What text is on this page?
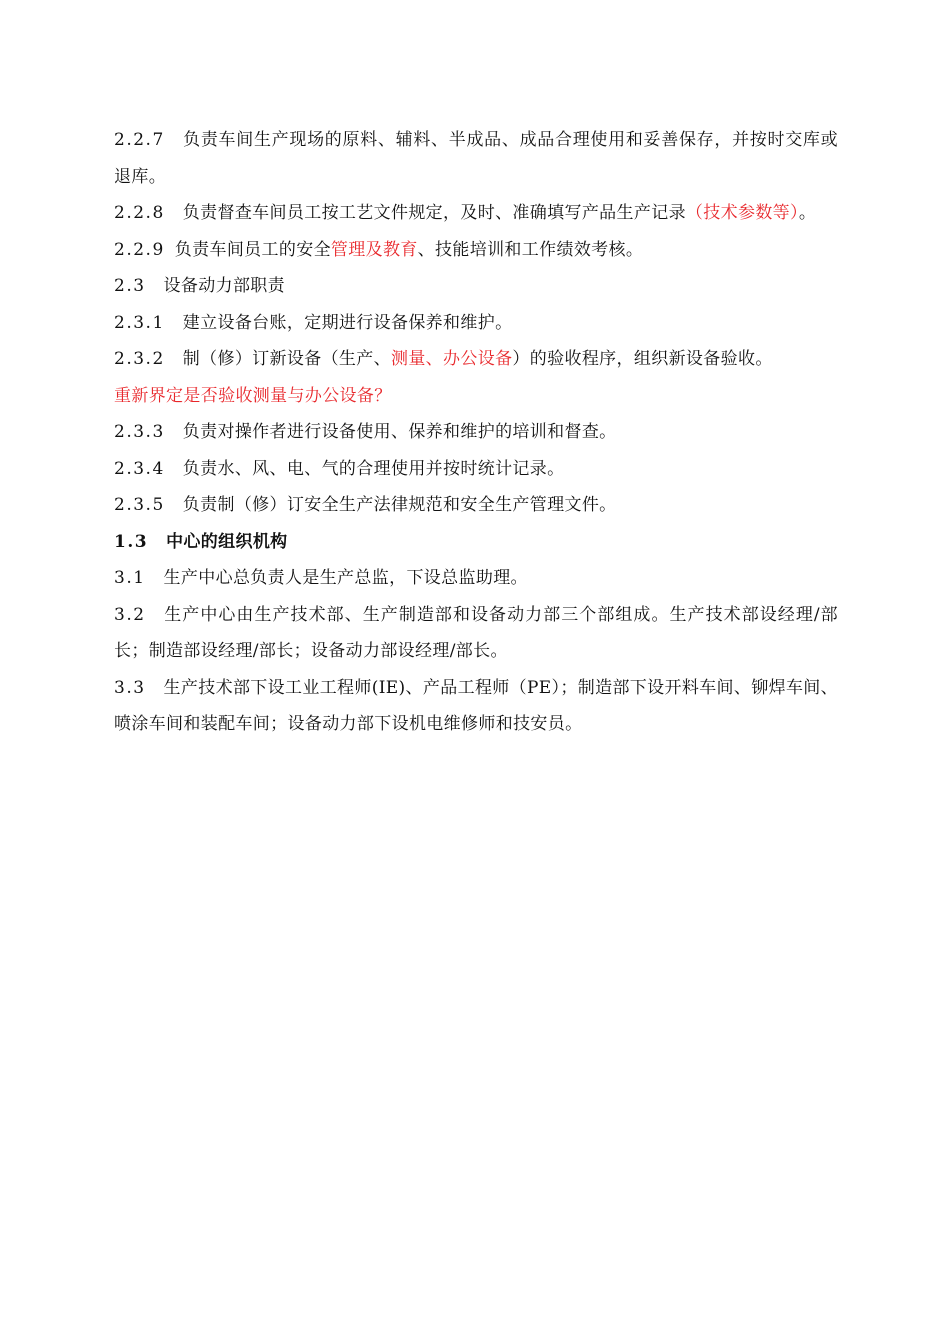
2.2.7 负责车间生产现场的原料、辅料、半成品、成品合理使用和妥善保存，并按时交库或退库。

2.2.8 负责督查车间员工按工艺文件规定，及时、准确填写产品生产记录（技术参数等）。

2.2.9 负责车间员工的安全管理及教育、技能培训和工作绩效考核。

2.3 设备动力部职责

2.3.1 建立设备台账，定期进行设备保养和维护。

2.3.2 制（修）订新设备（生产、测量、办公设备）的验收程序，组织新设备验收。

重新界定是否验收测量与办公设备？

2.3.3 负责对操作者进行设备使用、保养和维护的培训和督查。

2.3.4 负责水、风、电、气的合理使用并按时统计记录。

2.3.5 负责制（修）订安全生产法律规范和安全生产管理文件。

1.3 中心的组织机构

3.1 生产中心总负责人是生产总监，下设总监助理。

3.2 生产中心由生产技术部、生产制造部和设备动力部三个部组成。生产技术部设经理/部长；制造部设经理/部长；设备动力部设经理/部长。

3.3 生产技术部下设工业工程师(IE)、产品工程师（PE）；制造部下设开料车间、铆焊车间、喷涂车间和装配车间；设备动力部下设机电维修师和技安员。
